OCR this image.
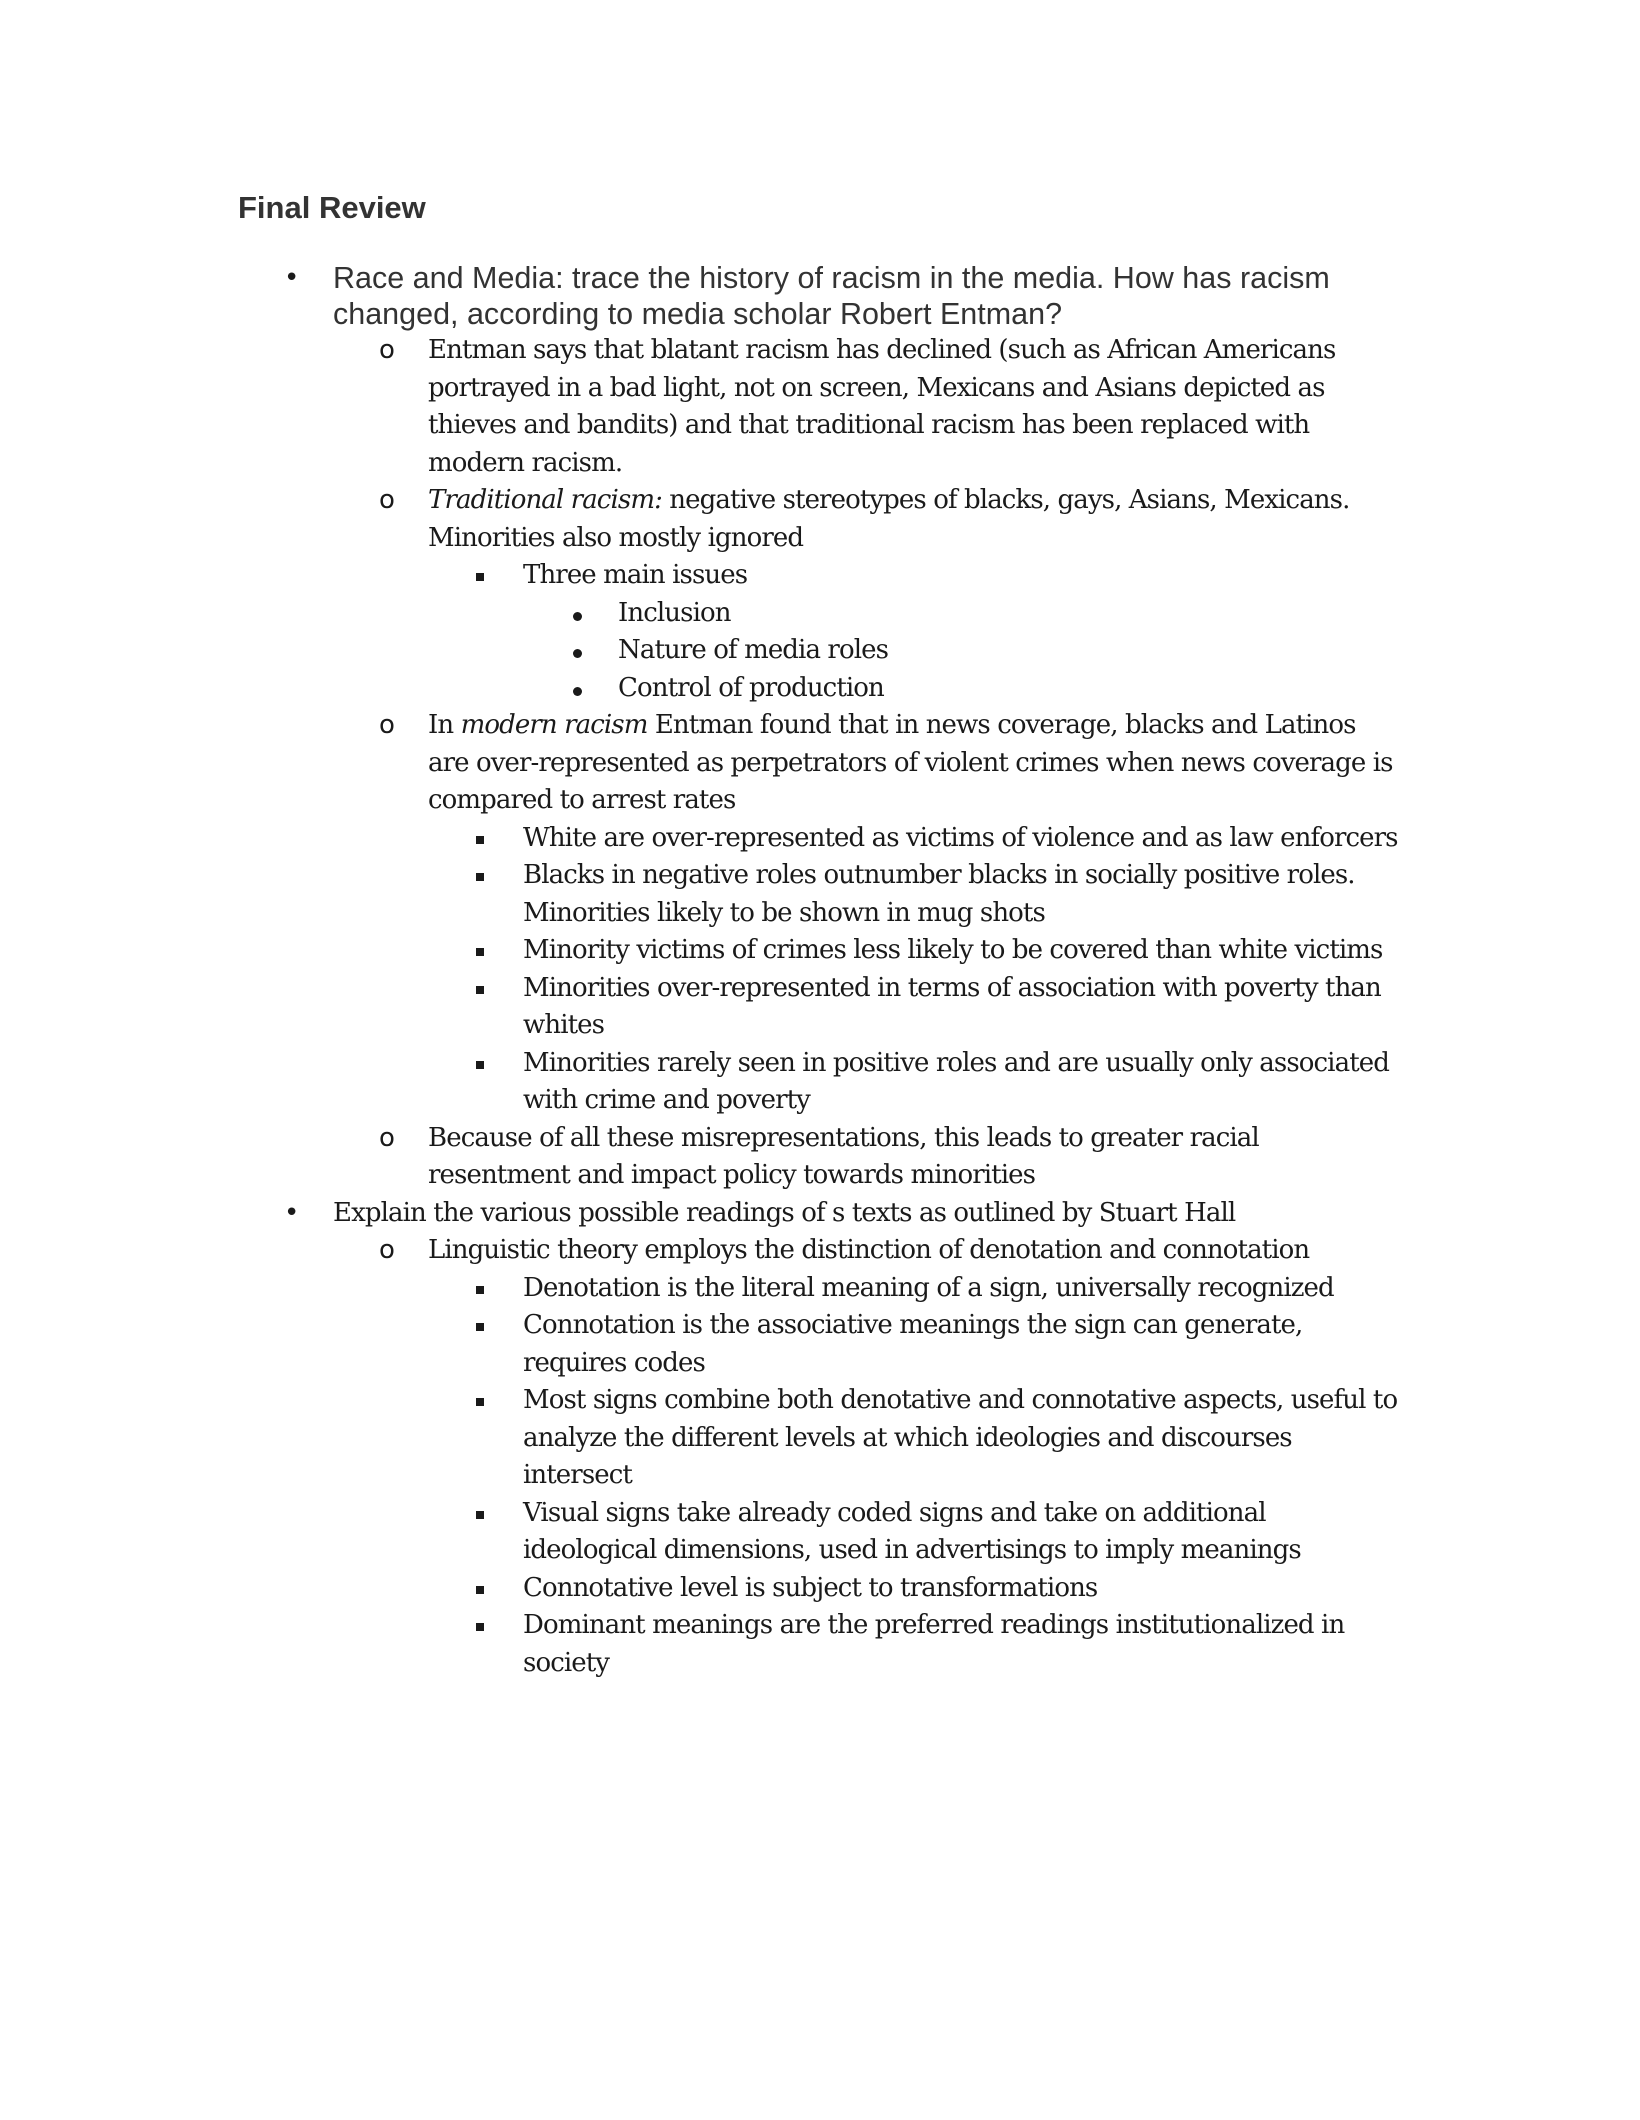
Final Review
• Race and Media: trace the history of racism in the media. How has racism changed, according to media scholar Robert Entman?
o Entman says that blatant racism has declined (such as African Americans portrayed in a bad light, not on screen, Mexicans and Asians depicted as thieves and bandits) and that traditional racism has been replaced with modern racism.
o Traditional racism: negative stereotypes of blacks, gays, Asians, Mexicans. Minorities also mostly ignored
Three main issues
Inclusion
Nature of media roles
Control of production
o In modern racism Entman found that in news coverage, blacks and Latinos are over-represented as perpetrators of violent crimes when news coverage is compared to arrest rates
White are over-represented as victims of violence and as law enforcers
Blacks in negative roles outnumber blacks in socially positive roles. Minorities likely to be shown in mug shots
Minority victims of crimes less likely to be covered than white victims
Minorities over-represented in terms of association with poverty than whites
Minorities rarely seen in positive roles and are usually only associated with crime and poverty
o Because of all these misrepresentations, this leads to greater racial resentment and impact policy towards minorities
• Explain the various possible readings of s texts as outlined by Stuart Hall
o Linguistic theory employs the distinction of denotation and connotation
Denotation is the literal meaning of a sign, universally recognized
Connotation is the associative meanings the sign can generate, requires codes
Most signs combine both denotative and connotative aspects, useful to analyze the different levels at which ideologies and discourses intersect
Visual signs take already coded signs and take on additional ideological dimensions, used in advertisings to imply meanings
Connotative level is subject to transformations
Dominant meanings are the preferred readings institutionalized in society
